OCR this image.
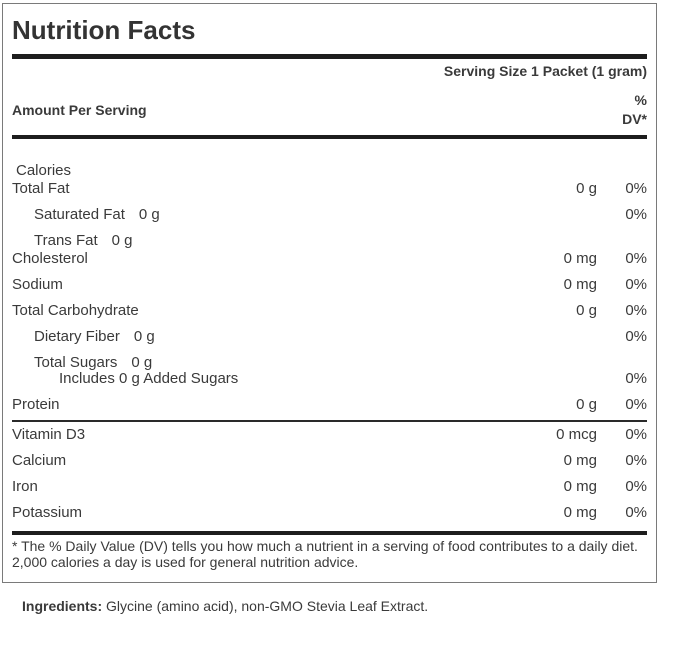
Nutrition Facts
Serving Size 1 Packet (1 gram)
Amount Per Serving
%
DV*
Calories
Total Fat	0 g	0%
Saturated Fat 0 g	0%
Trans Fat 0 g
Cholesterol	0 mg	0%
Sodium	0 mg	0%
Total Carbohydrate	0 g	0%
Dietary Fiber 0 g	0%
Total Sugars 0 g
Includes 0 g Added Sugars	0%
Protein	0 g	0%
Vitamin D3	0 mcg	0%
Calcium	0 mg	0%
Iron	0 mg	0%
Potassium	0 mg	0%
* The % Daily Value (DV) tells you how much a nutrient in a serving of food contributes to a daily diet. 2,000 calories a day is used for general nutrition advice.
Ingredients: Glycine (amino acid), non-GMO Stevia Leaf Extract.
